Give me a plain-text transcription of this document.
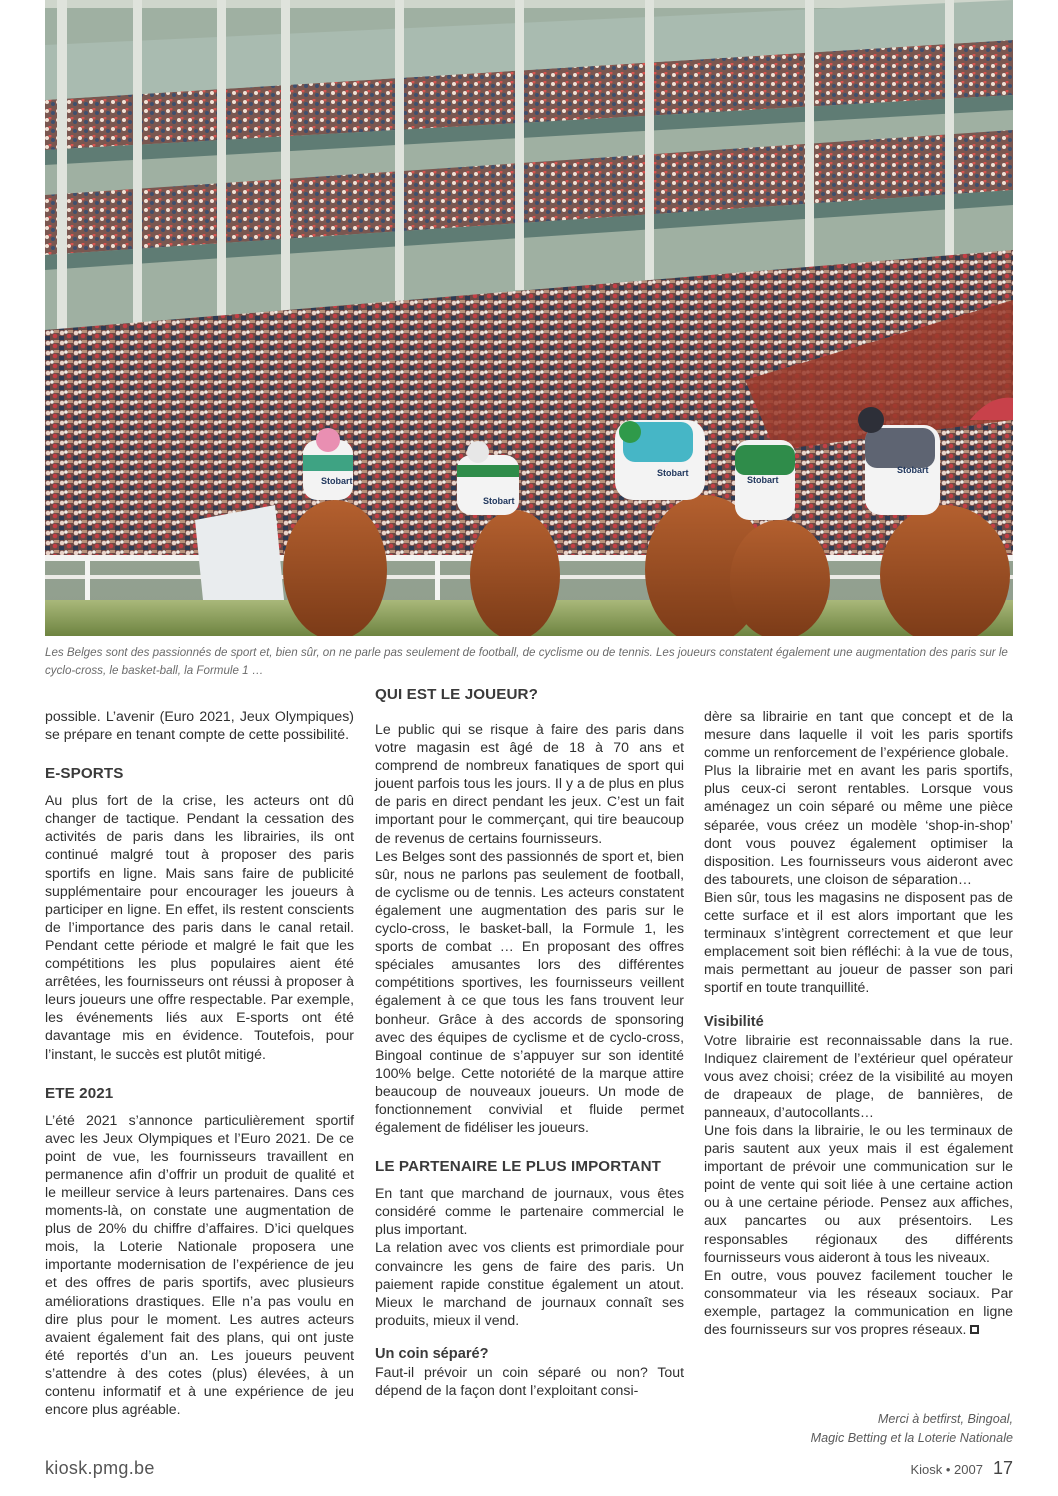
Stobart
Stobart
Stobart
Stobart
Stobart
Les Belges sont des passionnés de sport et, bien sûr, on ne parle pas seulement de football, de cyclisme ou de tennis. Les joueurs constatent également une augmentation des paris sur le cyclo-cross, le basket-ball, la Formule 1 …

possible. L’avenir (Euro 2021, Jeux Olympiques) se prépare en tenant compte de cette possibilité.

E-SPORTS

Au plus fort de la crise, les acteurs ont dû changer de tactique. Pendant la cessation des activités de paris dans les librairies, ils ont continué malgré tout à proposer des paris sportifs en ligne. Mais sans faire de publicité supplémentaire pour encourager les joueurs à participer en ligne. En effet, ils restent conscients de l’importance des paris dans le canal retail. Pendant cette période et malgré le fait que les compétitions les plus populaires aient été arrêtées, les fournisseurs ont réussi à proposer à leurs joueurs une offre respectable. Par exemple, les événements liés aux E-sports ont été davantage mis en évidence. Toutefois, pour l’instant, le succès est plutôt mitigé.

ETE 2021

L’été 2021 s’annonce particulièrement sportif avec les Jeux Olympiques et l’Euro 2021. De ce point de vue, les fournisseurs travaillent en permanence afin d’offrir un produit de qualité et le meilleur service à leurs partenaires. Dans ces moments-là, on constate une augmentation de plus de 20% du chiffre d’affaires. D’ici quelques mois, la Loterie Nationale proposera une importante modernisation de l’expérience de jeu et des offres de paris sportifs, avec plusieurs améliorations drastiques. Elle n’a pas voulu en dire plus pour le moment. Les autres acteurs avaient également fait des plans, qui ont juste été reportés d’un an. Les joueurs peuvent s’attendre à des cotes (plus) élevées, à un contenu informatif et à une expérience de jeu encore plus agréable.

QUI EST LE JOUEUR?

Le public qui se risque à faire des paris dans votre magasin est âgé de 18 à 70 ans et comprend de nombreux fanatiques de sport qui jouent parfois tous les jours. Il y a de plus en plus de paris en direct pendant les jeux. C’est un fait important pour le commerçant, qui tire beaucoup de revenus de certains fournisseurs.

Les Belges sont des passionnés de sport et, bien sûr, nous ne parlons pas seulement de football, de cyclisme ou de tennis. Les acteurs constatent également une augmentation des paris sur le cyclo-cross, le basket-ball, la Formule 1, les sports de combat … En proposant des offres spéciales amusantes lors des différentes compétitions sportives, les fournisseurs veillent également à ce que tous les fans trouvent leur bonheur. Grâce à des accords de sponsoring avec des équipes de cyclisme et de cyclo-cross, Bingoal continue de s’appuyer sur son identité 100% belge. Cette notoriété de la marque attire beaucoup de nouveaux joueurs. Un mode de fonctionnement convivial et fluide permet également de fidéliser les joueurs.

LE PARTENAIRE LE PLUS IMPORTANT

En tant que marchand de journaux, vous êtes considéré comme le partenaire commercial le plus important.

La relation avec vos clients est primordiale pour convaincre les gens de faire des paris. Un paiement rapide constitue également un atout. Mieux le marchand de journaux connaît ses produits, mieux il vend.

Un coin séparé?

Faut-il prévoir un coin séparé ou non? Tout dépend de la façon dont l’exploitant consi-

dère sa librairie en tant que concept et de la mesure dans laquelle il voit les paris sportifs comme un renforcement de l’expérience globale.

Plus la librairie met en avant les paris sportifs, plus ceux-ci seront rentables. Lorsque vous aménagez un coin séparé ou même une pièce séparée, vous créez un modèle ‘shop-in-shop’ dont vous pouvez également optimiser la disposition. Les fournisseurs vous aideront avec des tabourets, une cloison de séparation…

Bien sûr, tous les magasins ne disposent pas de cette surface et il est alors important que les terminaux s’intègrent correctement et que leur emplacement soit bien réfléchi: à la vue de tous, mais permettant au joueur de passer son pari sportif en toute tranquillité.

Visibilité

Votre librairie est reconnaissable dans la rue. Indiquez clairement de l’extérieur quel opérateur vous avez choisi; créez de la visibilité au moyen de drapeaux de plage, de bannières, de panneaux, d’autocollants…

Une fois dans la librairie, le ou les terminaux de paris sautent aux yeux mais il est également important de prévoir une communication sur le point de vente qui soit liée à une certaine action ou à une certaine période. Pensez aux affiches, aux pancartes ou aux présentoirs. Les responsables régionaux des différents fournisseurs vous aideront à tous les niveaux.

En outre, vous pouvez facilement toucher le consommateur via les réseaux sociaux. Par exemple, partagez la communication en ligne des fournisseurs sur vos propres réseaux.

Merci à betfirst, Bingoal,
Magic Betting et la Loterie Nationale
kiosk.pmg.be	Kiosk • 2007 17
